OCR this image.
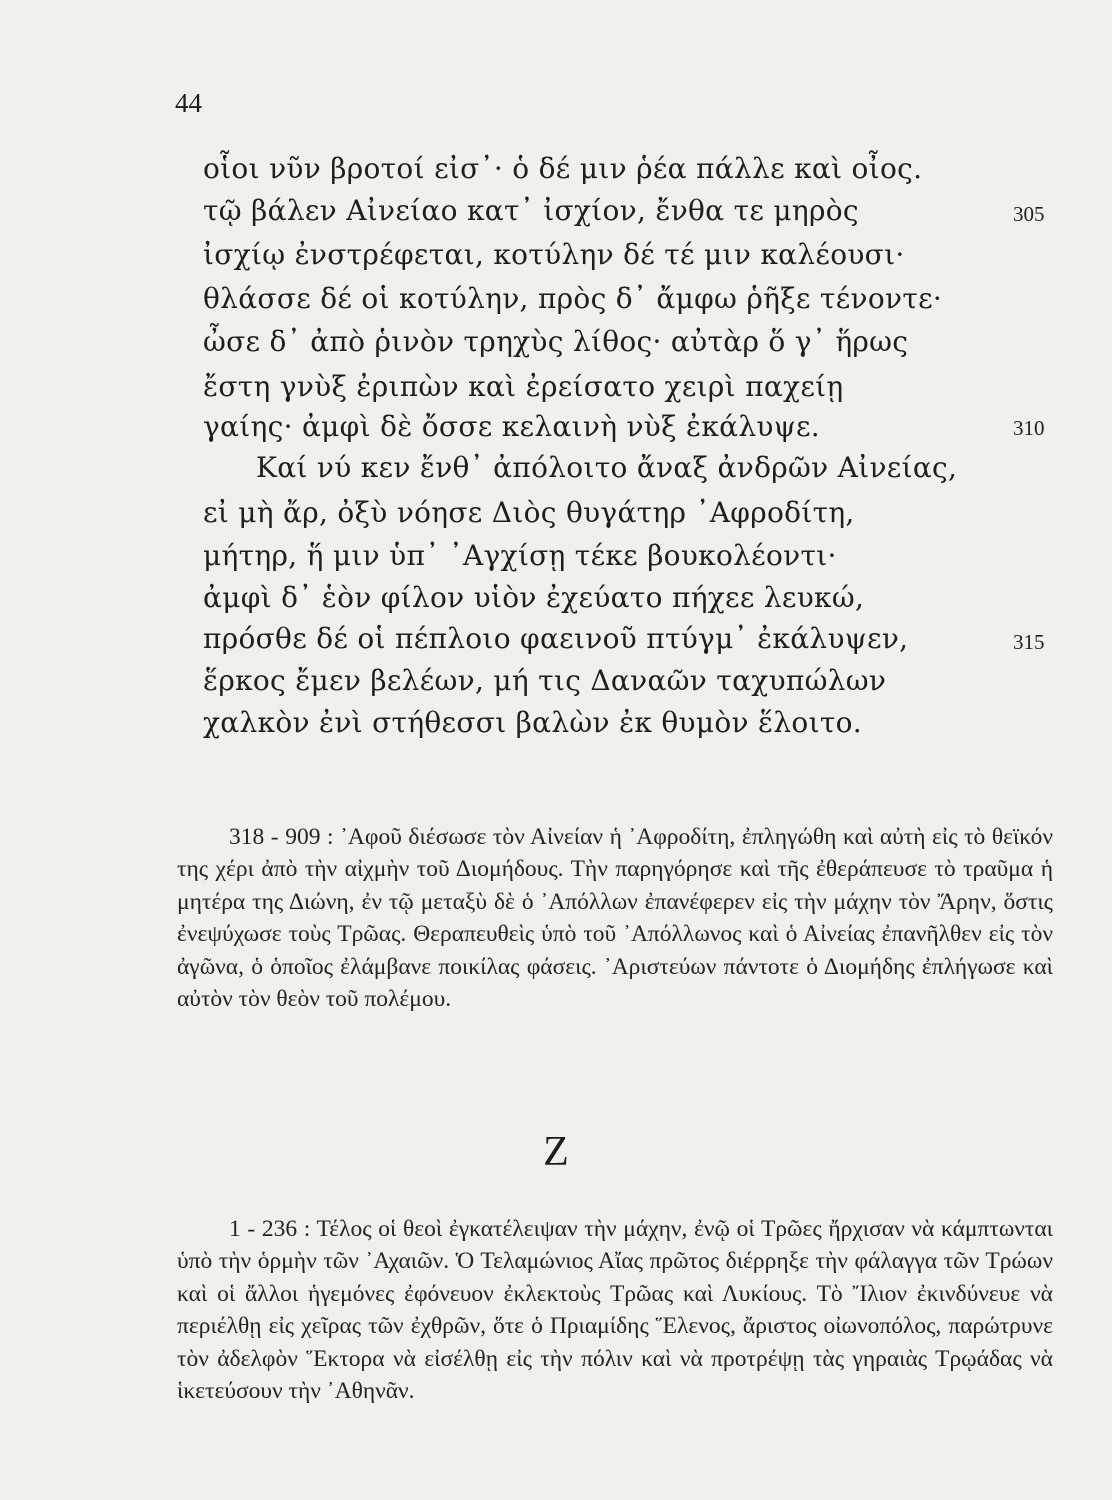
44
οἷοι νῦν βροτοί εἰσ᾽· ὁ δέ μιν ῥέα πάλλε καὶ οἶος.
τῷ βάλεν Αἰνείαο κατ᾽ ἰσχίον, ἔνθα τε μηρὸς	305
ἰσχίῳ ἐνστρέφεται, κοτύλην δέ τέ μιν καλέουσι·
θλάσσε δέ οἱ κοτύλην, πρὸς δ᾽ ἄμφω ῥῆξε τένοντε·
ὦσε δ᾽ ἀπὸ ῥινὸν τρηχὺς λίθος· αὐτὰρ ὅ γ᾽ ἥρως
ἔστη γνὺξ ἐριπὼν καὶ ἐρείσατο χειρὶ παχείῃ
γαίης· ἀμφὶ δὲ ὄσσε κελαινὴ νὺξ ἐκάλυψε.	310
Καί νύ κεν ἔνθ᾽ ἀπόλοιτο ἄναξ ἀνδρῶν Αἰνείας,
εἰ μὴ ἄρ, ὀξὺ νόησε Διὸς θυγάτηρ ᾽Αφροδίτη,
μήτηρ, ἥ μιν ὑπ᾽ ᾽Αγχίσῃ τέκε βουκολέοντι·
ἀμφὶ δ᾽ ἑὸν φίλον υἱὸν ἐχεύατο πήχεε λευκώ,
πρόσθε δέ οἱ πέπλοιο φαεινοῦ πτύγμ᾽ ἐκάλυψεν,	315
ἕρκος ἔμεν βελέων, μή τις Δαναῶν ταχυπώλων
χαλκὸν ἐνὶ στήθεσσι βαλὼν ἐκ θυμὸν ἕλοιτο.
318 - 909 : ᾽Αφοῦ διέσωσε τὸν Αἰνείαν ἡ ᾽Αφροδίτη, ἐπληγώθη καὶ αὐτὴ εἰς τὸ θεϊκόν της χέρι ἀπὸ τὴν αἰχμὴν τοῦ Διομήδους. Τὴν παρηγόρησε καὶ τῆς ἐθεράπευσε τὸ τραῦμα ἡ μητέρα της Διώνη, ἐν τῷ μεταξὺ δὲ ὁ ᾽Απόλλων ἐπανέφερεν εἰς τὴν μάχην τὸν Ἄρην, ὅστις ἐνεψύχωσε τοὺς Τρῶας. Θεραπευθεὶς ὑπὸ τοῦ ᾽Απόλλωνος καὶ ὁ Αἰνείας ἐπανῆλθεν εἰς τὸν ἀγῶνα, ὁ ὁποῖος ἐλάμβανε ποικίλας φάσεις. ᾽Αριστεύων πάντοτε ὁ Διομήδης ἐπλήγωσε καὶ αὐτὸν τὸν θεὸν τοῦ πολέμου.
Ζ
1 - 236 : Τέλος οἱ θεοὶ ἐγκατέλειψαν τὴν μάχην, ἐνῷ οἱ Τρῶες ἤρχισαν νὰ κάμπτωνται ὑπὸ τὴν ὁρμὴν τῶν ᾽Αχαιῶν. Ὁ Τελαμώνιος Αἴας πρῶτος διέρρηξε τὴν φάλαγγα τῶν Τρώων καὶ οἱ ἄλλοι ἡγεμόνες ἐφόνευον ἐκλεκτοὺς Τρῶας καὶ Λυκίους. Τὸ Ἴλιον ἐκινδύνευε νὰ περιέλθῃ εἰς χεῖρας τῶν ἐχθρῶν, ὅτε ὁ Πριαμίδης Ἕλενος, ἄριστος οἰωνοπόλος, παρώτρυνε τὸν ἀδελφὸν Ἕκτορα νὰ εἰσέλθῃ εἰς τὴν πόλιν καὶ νὰ προτρέψῃ τὰς γηραιὰς Τρῳάδας νὰ ἱκετεύσουν τὴν ᾽Αθηνᾶν.
